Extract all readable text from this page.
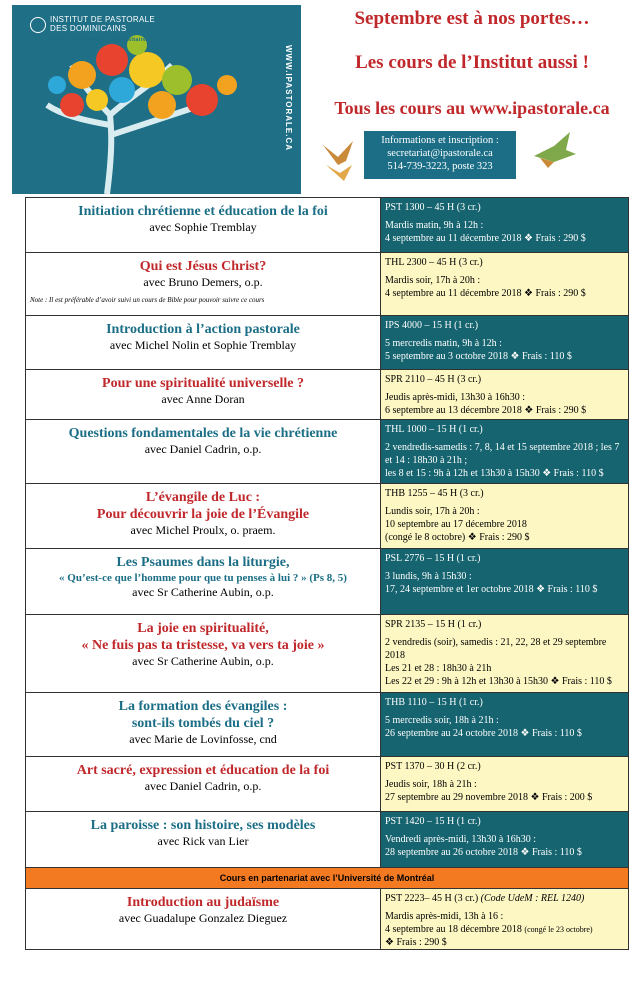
INSTITUT DE PASTORALE
DES DOMINICAINS
Centre de formation universitaire
WWW.IPASTORALE.CA
Septembre est à nos portes…
Les cours de l’Institut aussi !
Tous les cours au www.ipastorale.ca
Informations et inscription :
secretariat@ipastorale.ca
514-739-3223, poste 323
Initiation chrétienne et éducation de la foi
avec Sophie Tremblay
PST 1300 – 45 H (3 cr.)
Mardis matin, 9h à 12h :
4 septembre au 11 décembre 2018 ❖ Frais : 290 $
Qui est Jésus Christ?
avec Bruno Demers, o.p.
Note : Il est préférable d’avoir suivi un cours de Bible pour pouvoir suivre ce cours
THL 2300 – 45 H (3 cr.)
Mardis soir, 17h à 20h :
4 septembre au 11 décembre 2018 ❖ Frais : 290 $
Introduction à l’action pastorale
avec Michel Nolin et Sophie Tremblay
IPS 4000 – 15 H (1 cr.)
5 mercredis matin, 9h à 12h :
5 septembre au 3 octobre 2018 ❖ Frais : 110 $
Pour une spiritualité universelle ?
avec Anne Doran
SPR 2110 – 45 H (3 cr.)
Jeudis après-midi, 13h30 à 16h30 :
6 septembre au 13 décembre 2018 ❖ Frais : 290 $
Questions fondamentales de la vie chrétienne
avec Daniel Cadrin, o.p.
THL 1000 – 15 H (1 cr.)
2 vendredis-samedis : 7, 8, 14 et 15 septembre 2018 ; les 7 et 14 : 18h30 à 21h ;
les 8 et 15 : 9h à 12h et 13h30 à 15h30 ❖ Frais : 110 $
L’évangile de Luc :
Pour découvrir la joie de l’Évangile
avec Michel Proulx, o. praem.
THB 1255 – 45 H (3 cr.)
Lundis soir, 17h à 20h :
10 septembre au 17 décembre 2018
(congé le 8 octobre) ❖ Frais : 290 $
Les Psaumes dans la liturgie,
« Qu’est-ce que l’homme pour que tu penses à lui ? » (Ps 8, 5)
avec Sr Catherine Aubin, o.p.
PSL 2776 – 15 H (1 cr.)
3 lundis, 9h à 15h30 :
17, 24 septembre et 1er octobre 2018 ❖ Frais : 110 $
La joie en spiritualité,
« Ne fuis pas ta tristesse, va vers ta joie »
avec Sr Catherine Aubin, o.p.
SPR 2135 – 15 H (1 cr.)
2 vendredis (soir), samedis : 21, 22, 28 et 29 septembre 2018
Les 21 et 28 : 18h30 à 21h
Les 22 et 29 : 9h à 12h et 13h30 à 15h30 ❖ Frais : 110 $
La formation des évangiles :
sont-ils tombés du ciel ?
avec Marie de Lovinfosse, cnd
THB 1110 – 15 H (1 cr.)
5 mercredis soir, 18h à 21h :
26 septembre au 24 octobre 2018 ❖ Frais : 110 $
Art sacré, expression et éducation de la foi
avec Daniel Cadrin, o.p.
PST 1370 – 30 H (2 cr.)
Jeudis soir, 18h à 21h :
27 septembre au 29 novembre 2018 ❖ Frais : 200 $
La paroisse : son histoire, ses modèles
avec Rick van Lier
PST 1420 – 15 H (1 cr.)
Vendredi après-midi, 13h30 à 16h30 :
28 septembre au 26 octobre 2018 ❖ Frais : 110 $
Cours en partenariat avec l’Université de Montréal
Introduction au judaïsme
avec Guadalupe Gonzalez Dieguez
PST 2223– 45 H (3 cr.) (Code UdeM : REL 1240)
Mardis après-midi, 13h à 16 :
4 septembre au 18 décembre 2018 (congé le 23 octobre)
❖ Frais : 290 $
